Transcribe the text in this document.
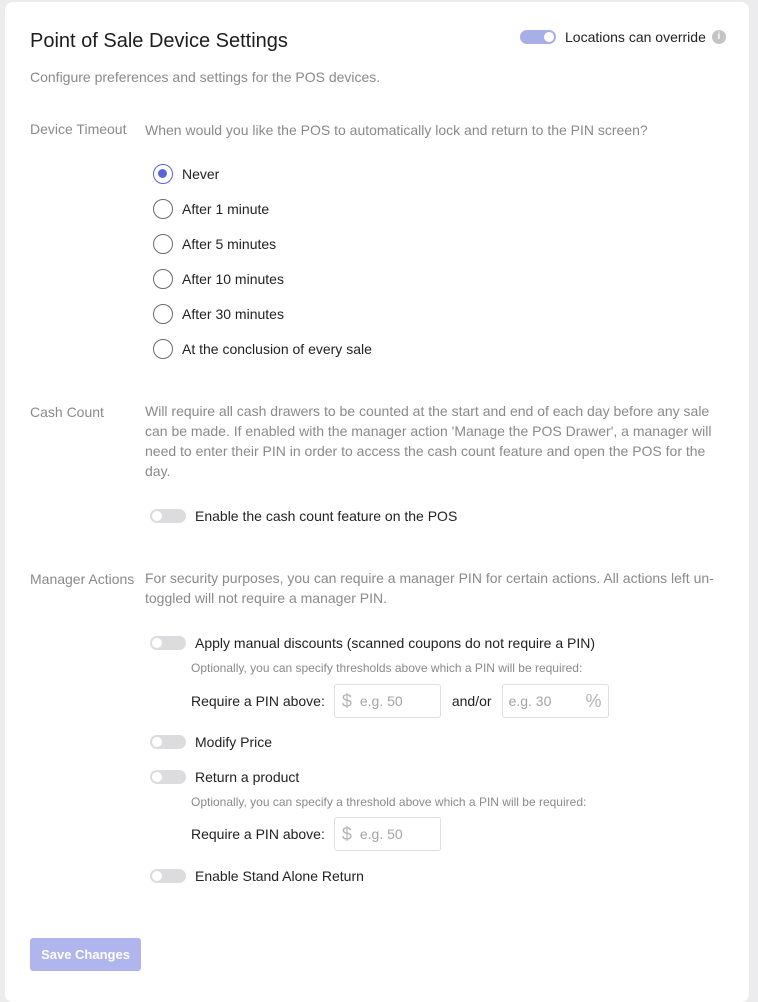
Point of Sale Device Settings	Locations can override	i
Configure preferences and settings for the POS devices.
Device Timeout When would you like the POS to automatically lock and return to the PIN screen?
Never
After 1 minute
After 5 minutes
After 10 minutes
After 30 minutes
At the conclusion of every sale
Cash Count	Will require all cash drawers to be counted at the start and end of each day before any sale can be made. If enabled with the manager action 'Manage the POS Drawer', a manager will need to enter their PIN in order to access the cash count feature and open the POS for the day.
Enable the cash count feature on the POS
Manager Actions For security purposes, you can require a manager PIN for certain actions. All actions left un-toggled will not require a manager PIN.
Apply manual discounts (scanned coupons do not require a PIN)
Optionally, you can specify thresholds above which a PIN will be required:
Require a PIN above: $ e.g. 50	and/or e.g. 30 %
Modify Price
Return a product
Optionally, you can specify a threshold above which a PIN will be required:
Require a PIN above: $ e.g. 50
Enable Stand Alone Return
Save Changes
